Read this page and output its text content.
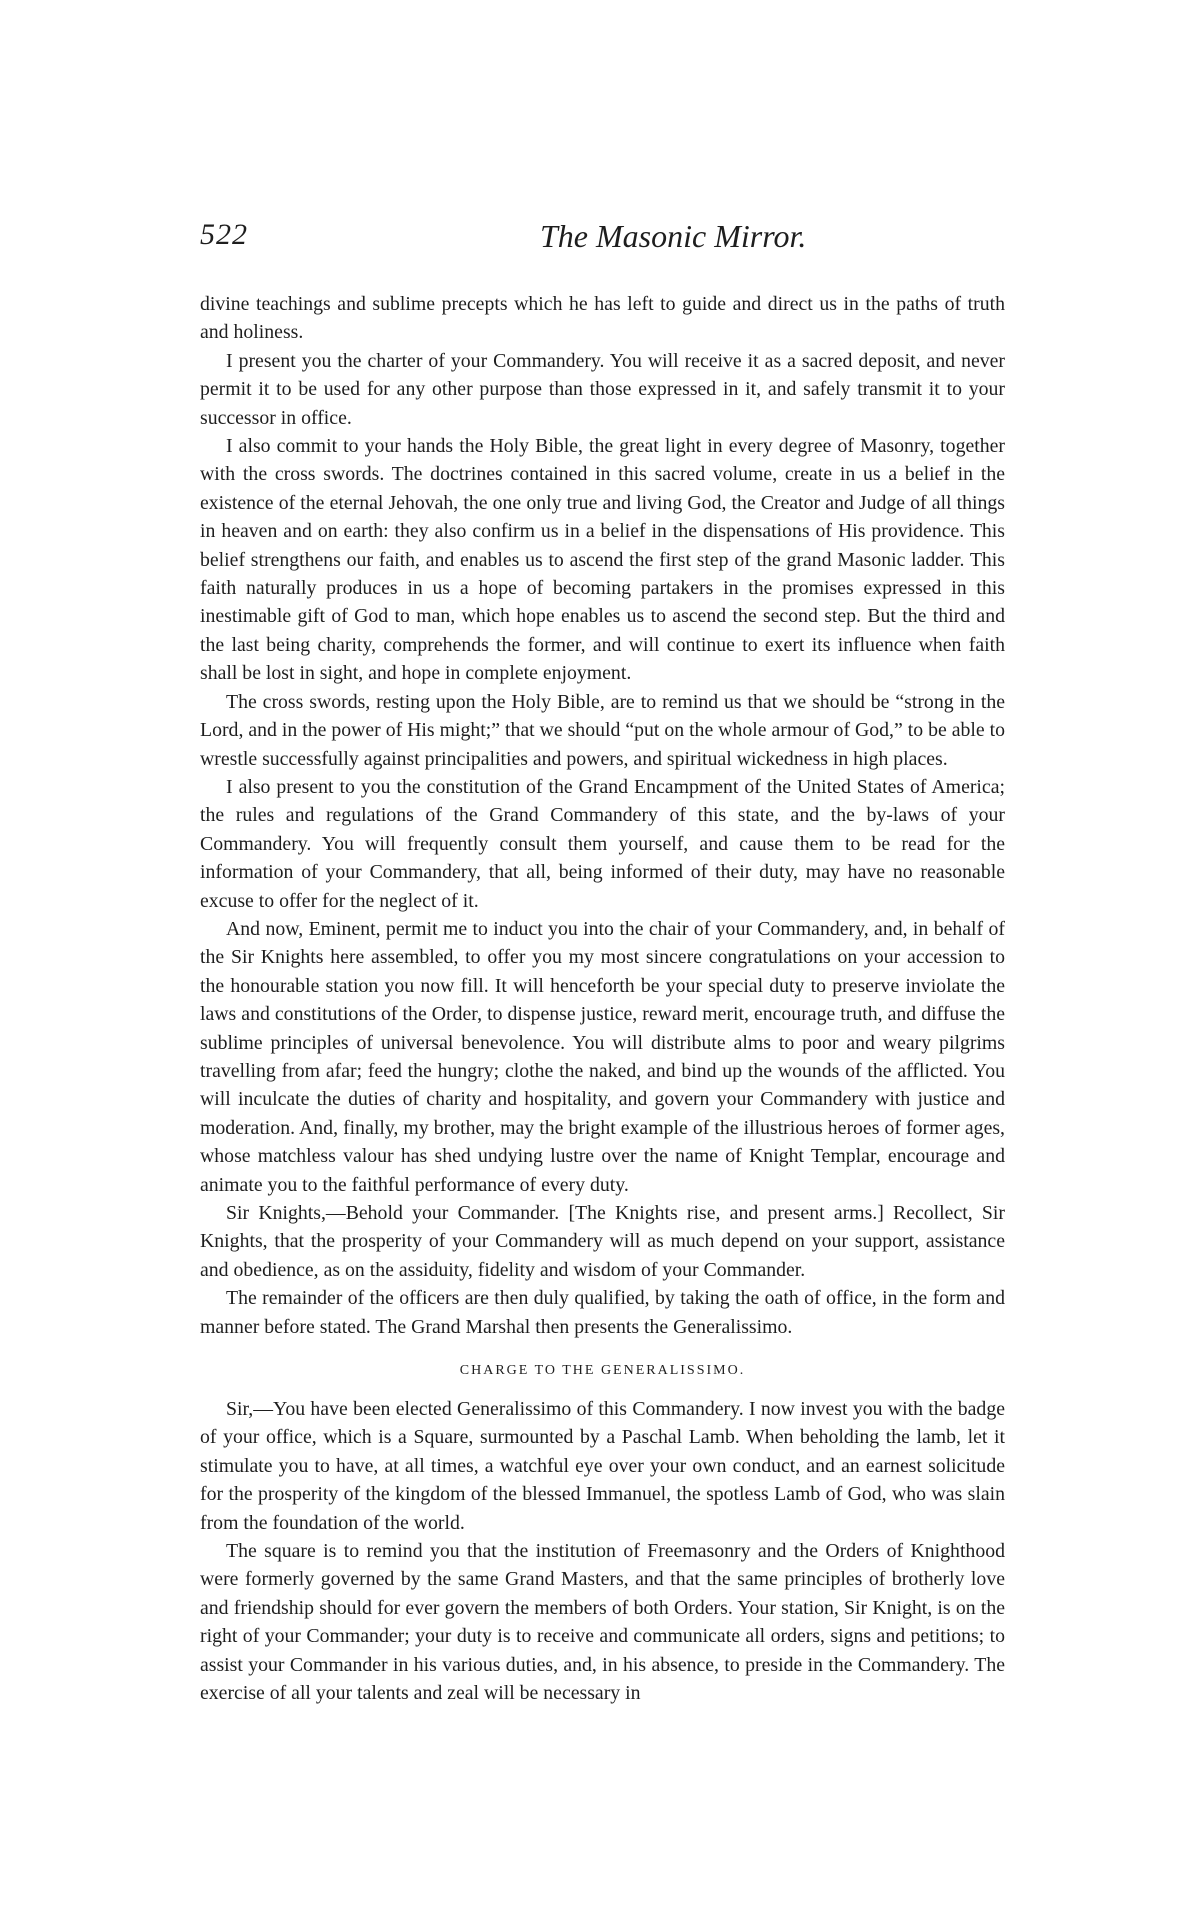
522	The Masonic Mirror.

divine teachings and sublime precepts which he has left to guide and direct us in the paths of truth and holiness.

I present you the charter of your Commandery. You will receive it as a sacred deposit, and never permit it to be used for any other purpose than those expressed in it, and safely transmit it to your successor in office.

I also commit to your hands the Holy Bible, the great light in every degree of Masonry, together with the cross swords. The doctrines contained in this sacred volume, create in us a belief in the existence of the eternal Jehovah, the one only true and living God, the Creator and Judge of all things in heaven and on earth: they also confirm us in a belief in the dispensations of His providence. This belief strengthens our faith, and enables us to ascend the first step of the grand Masonic ladder. This faith naturally produces in us a hope of becoming partakers in the promises expressed in this inestimable gift of God to man, which hope enables us to ascend the second step. But the third and the last being charity, comprehends the former, and will continue to exert its influence when faith shall be lost in sight, and hope in complete enjoyment.

The cross swords, resting upon the Holy Bible, are to remind us that we should be “strong in the Lord, and in the power of His might;” that we should “put on the whole armour of God,” to be able to wrestle successfully against principalities and powers, and spiritual wickedness in high places.

I also present to you the constitution of the Grand Encampment of the United States of America; the rules and regulations of the Grand Commandery of this state, and the by-laws of your Commandery. You will frequently consult them yourself, and cause them to be read for the information of your Commandery, that all, being informed of their duty, may have no reasonable excuse to offer for the neglect of it.

And now, Eminent, permit me to induct you into the chair of your Commandery, and, in behalf of the Sir Knights here assembled, to offer you my most sincere congratulations on your accession to the honourable station you now fill. It will henceforth be your special duty to preserve inviolate the laws and constitutions of the Order, to dispense justice, reward merit, encourage truth, and diffuse the sublime principles of universal benevolence. You will distribute alms to poor and weary pilgrims travelling from afar; feed the hungry; clothe the naked, and bind up the wounds of the afflicted. You will inculcate the duties of charity and hospitality, and govern your Commandery with justice and moderation. And, finally, my brother, may the bright example of the illustrious heroes of former ages, whose matchless valour has shed undying lustre over the name of Knight Templar, encourage and animate you to the faithful performance of every duty.

Sir Knights,—Behold your Commander. [The Knights rise, and present arms.] Recollect, Sir Knights, that the prosperity of your Commandery will as much depend on your support, assistance and obedience, as on the assiduity, fidelity and wisdom of your Commander.

The remainder of the officers are then duly qualified, by taking the oath of office, in the form and manner before stated. The Grand Marshal then presents the Generalissimo.

CHARGE TO THE GENERALISSIMO.

Sir,—You have been elected Generalissimo of this Commandery. I now invest you with the badge of your office, which is a Square, surmounted by a Paschal Lamb. When beholding the lamb, let it stimulate you to have, at all times, a watchful eye over your own conduct, and an earnest solicitude for the prosperity of the kingdom of the blessed Immanuel, the spotless Lamb of God, who was slain from the foundation of the world.

The square is to remind you that the institution of Freemasonry and the Orders of Knighthood were formerly governed by the same Grand Masters, and that the same principles of brotherly love and friendship should for ever govern the members of both Orders. Your station, Sir Knight, is on the right of your Commander; your duty is to receive and communicate all orders, signs and petitions; to assist your Commander in his various duties, and, in his absence, to preside in the Commandery. The exercise of all your talents and zeal will be necessary in
